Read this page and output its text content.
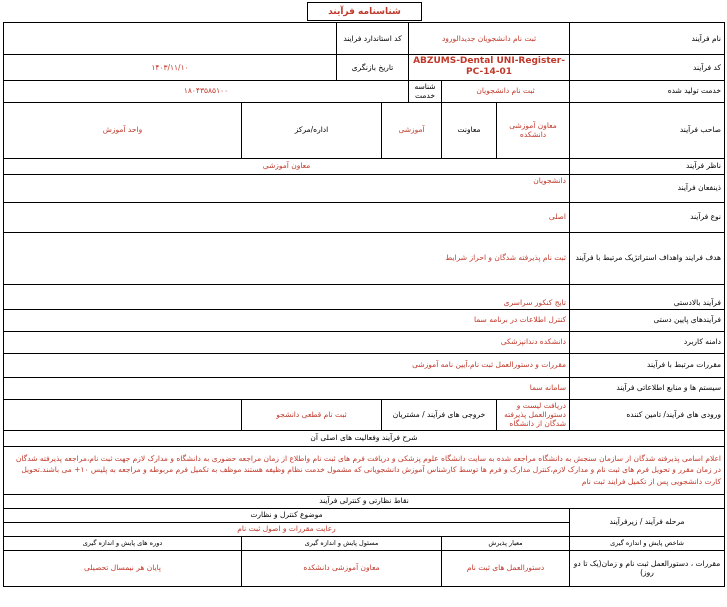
شناسنامه فرآیند
نام فرآیند	ثبت نام دانشجویان جدیدالورود			کد استاندارد فرایند			
کد فرآیند	ABZUMS-Dental UNI-Register-PC-14-01			تاریخ بازنگری		۱۴۰۳/۱۱/۱۰	
خدمت تولید شده	ثبت نام دانشجویان		شناسه خدمت	۱۸۰۴۳۵۸۵۱۰۰			
صاحب فرآیند	معاون آموزشی دانشکده	معاونت	آموزشی		اداره/مرکز		واحد آموزش
ناظر فرآیند	معاون آموزشی						
ذینفعان فرآیند	دانشجویان						
نوع فرآیند	اصلی						
هدف فرایند واهداف استراتژیک مرتبط با فرآیند	ثبت نام پذیرفته شدگان و احراز شرایط						
فرآیند بالادستی	تایج کنکور سراسری						
فرآیندهای پایین دستی	کنترل اطلاعات در برنامه سما						
دامنه کاربرد	دانشکده دندانپزشکی						
مقررات مرتبط با فرآیند	مقررات و دستورالعمل ثبت نام،آیین نامه آموزشی						
سیستم ها و منابع اطلاعاتی فرآیند	سامانه سما						
ورودی های فرآیند/ تامین کننده	دریافت لیست و دستورالعمل پذیرفته شدگان از دانشگاه	خروجی های فرآیند / مشتریان			ثبت نام قطعی دانشجو		
شرح فرآیند وفعالیت های اصلی آن							
اعلام اسامی پذیرفته شدگان از سازمان سنجش به دانشگاه مراجعه شده به سایت دانشگاه علوم پزشکی و دریافت فرم های ثبت نام واطلاع از زمان مراجعه حضوری به دانشگاه و مدارک لازم جهت ثبت نام،مراجعه پذیرفته شدگان در زمان مقرر و تحویل فرم های ثبت نام و مدارک لازم،کنترل مدارک و فرم ها توسط کارشناس آموزش دانشجویانی که مشمول خدمت نظام وظیفه هستند موظف به تکمیل فرم مربوطه و مراجعه به پلیس ۱۰+ می باشند.تحویل کارت دانشجویی پس از تکمیل فرایند ثبت نام							
نقاط نظارتی و کنترلی فرآیند							
مرحله فرآیند / زیرفرآیند	موضوع کنترل و نظارت						
	رعایت مقررات و اصول ثبت نام						
شاخص پایش و اندازه گیری	معیار پذیرش		مسئول پایش و اندازه گیری				دوره های پایش و اندازه گیری
مقررات ، دستورالعمل ثبت نام و زمان(یک تا دو روز)	دستورالعمل های ثبت نام		معاون آموزشی دانشکده				پایان هر نیمسال تحصیلی
